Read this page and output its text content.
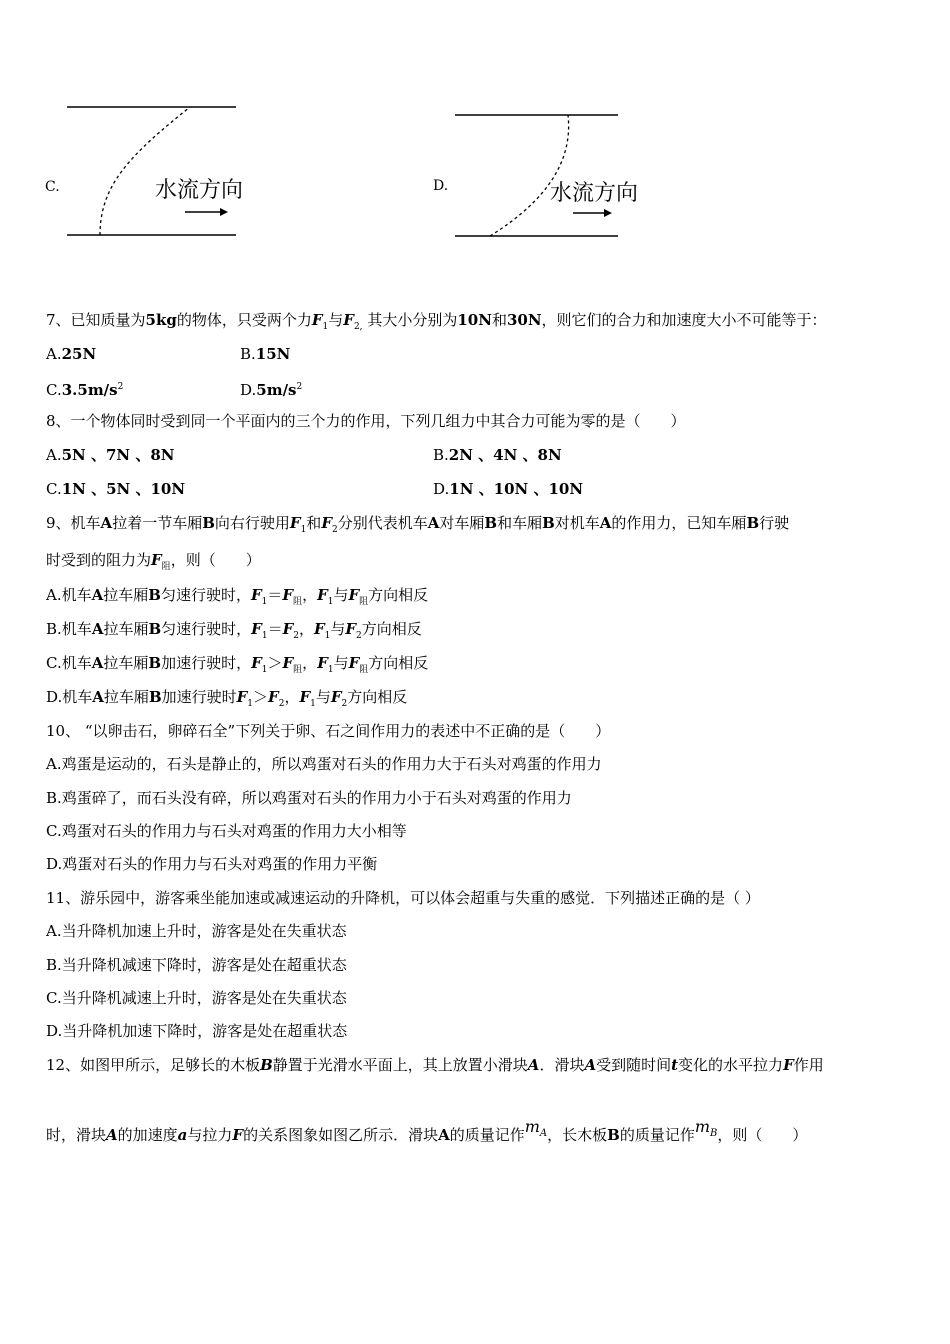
C.	水流方向	D.	水流方向
7、已知质量为5kg的物体，只受两个力$F_1$与$F_{2,}$ 其大小分别为10N和30N，则它们的合力和加速度大小不可能等于：
A.25N	B.15N
$C.3.5m/s^2$	$D.5m/s^2$
8、一个物体同时受到同一个平面内的三个力的作用，下列几组力中其合力可能为零的是（　　）
A.5N 、7N 、8N	B.2N 、4N 、8N
C.1N 、5N 、10N	D.1N 、10N 、10N
9、机车A拉着一节车厢B向右行驶用$F_1$和$F_2$分别代表机车A对车厢B和车厢B对机车A的作用力，已知车厢B行驶
时受到的阻力为$F_阻$，则（　　）
A.机车A拉车厢B匀速行驶时，$F_1=F_阻$，$F_1$与$F_阻$方向相反
B.机车A拉车厢B匀速行驶时，$F_1=F_2$，$F_1$与$F_2$方向相反
C.机车A拉车厢B加速行驶时，$F_1>F_阻$，$F_1$与$F_阻$方向相反
D.机车A拉车厢B加速行驶时$F_1>F_2$，$F_1$与$F_2$方向相反
10、 “以卵击石，卵碎石全”下列关于卵、石之间作用力的表述中不正确的是（　　）
A.鸡蛋是运动的，石头是静止的，所以鸡蛋对石头的作用力大于石头对鸡蛋的作用力
B.鸡蛋碎了，而石头没有碎，所以鸡蛋对石头的作用力小于石头对鸡蛋的作用力
C.鸡蛋对石头的作用力与石头对鸡蛋的作用力大小相等
D.鸡蛋对石头的作用力与石头对鸡蛋的作用力平衡
11、游乐园中，游客乘坐能加速或减速运动的升降机，可以体会超重与失重的感觉．下列描述正确的是（ ）
A.当升降机加速上升时，游客是处在失重状态
B.当升降机减速下降时，游客是处在超重状态
C.当升降机减速上升时，游客是处在失重状态
D.当升降机加速下降时，游客是处在超重状态
12、如图甲所示，足够长的木板B静置于光滑水平面上，其上放置小滑块A．滑块A受到随时间t变化的水平拉力F作用
时，滑块A的加速度a与拉力F的关系图象如图乙所示．滑块A的质量记作$m_A$，长木板B的质量记作$m_B$，则（　　）
